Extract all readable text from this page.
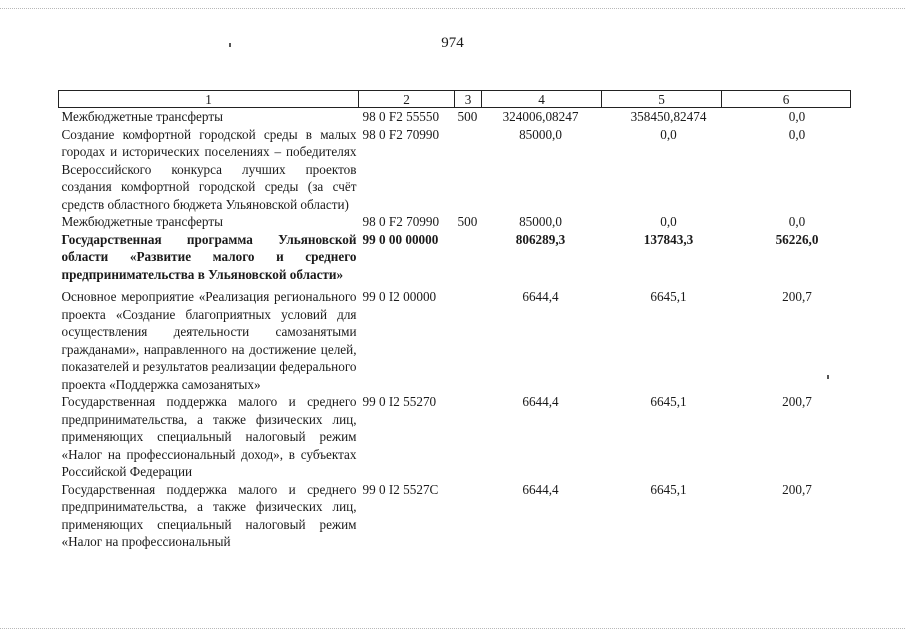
974
1	2	3	4	5	6
Межбюджетные трансферты	98 0 F2 55550	500	324006,08247	358450,82474	0,0
Создание комфортной городской среды в малых городах и исторических поселениях – победителях Всероссийского конкурса лучших проектов создания комфортной городской среды (за счёт средств областного бюджета Ульяновской области)	98 0 F2 70990		85000,0	0,0	0,0
Межбюджетные трансферты	98 0 F2 70990	500	85000,0	0,0	0,0
Государственная программа Ульяновской области «Развитие малого и среднего предпринимательства в Ульяновской области»	99 0 00 00000		806289,3	137843,3	56226,0
Основное мероприятие «Реализация регионального проекта «Создание благоприятных условий для осуществления деятельности самозанятыми гражданами», направленного на достижение целей, показателей и результатов реализации федерального проекта «Поддержка самозанятых»	99 0 I2 00000		6644,4	6645,1	200,7
Государственная поддержка малого и среднего предпринимательства, а также физических лиц, применяющих специальный налоговый режим «Налог на профессиональный доход», в субъектах Российской Федерации	99 0 I2 55270		6644,4	6645,1	200,7
Государственная поддержка малого и среднего предпринимательства, а также физических лиц, применяющих специальный налоговый режим «Налог на профессиональный	99 0 I2 5527C		6644,4	6645,1	200,7
